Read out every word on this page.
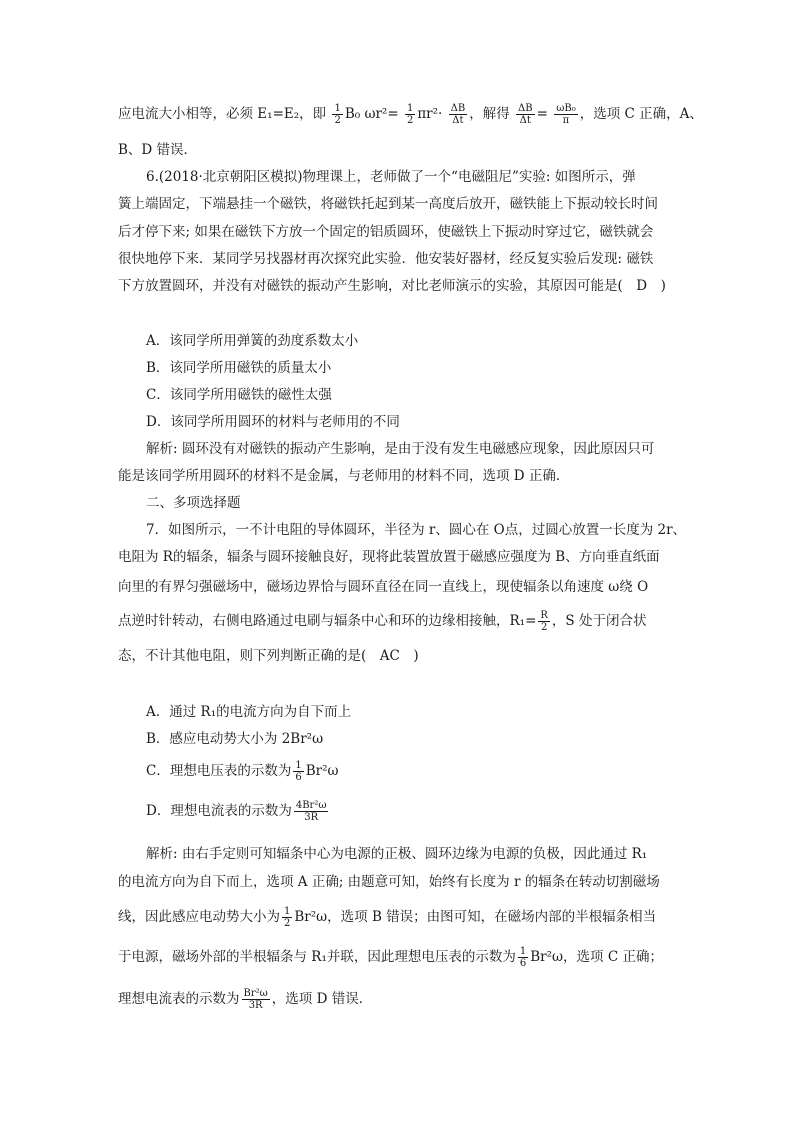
应电流大小相等，必须 E₁=E₂，即 $\frac{1}{2} B_0$ $\omega r^2= \frac{1}{2} \pi r^2\cdot \frac{\Delta B}{\Delta t}$ ，解得 $\frac{\Delta B}{\Delta t} = \frac{\text{ωB₀}}{\pi}$ ，选项 C 正确，A、
B、D 错误．
6.(2018·北京朝阳区模拟)物理课上，老师做了一个“电磁阻尼”实验: 如图所示，弹
簧上端固定，下端悬挂一个磁铁，将磁铁托起到某一高度后放开，磁铁能上下振动较长时间
后才停下来; 如果在磁铁下方放一个固定的铝质圆环，使磁铁上下振动时穿过它，磁铁就会
很快地停下来．某同学另找器材再次探究此实验．他安装好器材，经反复实验后发现: 磁铁
下方放置圆环，并没有对磁铁的振动产生影响，对比老师演示的实验，其原因可能是(　D　)
A．该同学所用弹簧的劲度系数太小
B．该同学所用磁铁的质量太小
C．该同学所用磁铁的磁性太强
D．该同学所用圆环的材料与老师用的不同
解析: 圆环没有对磁铁的振动产生影响，是由于没有发生电磁感应现象，因此原因只可
能是该同学所用圆环的材料不是金属，与老师用的材料不同，选项 D 正确．
二、多项选择题
7．如图所示，一不计电阻的导体圆环，半径为 r、圆心在 O点，过圆心放置一长度为 2r、
电阻为 R的辐条，辐条与圆环接触良好，现将此装置放置于磁感应强度为 B、方向垂直纸面
向里的有界匀强磁场中，磁场边界恰与圆环直径在同一直线上，现使辐条以角速度 ω绕 O
点逆时针转动，右侧电路通过电刷与辐条中心和环的边缘相接触，$R_1= \frac{R}{2}$ ，S 处于闭合状
态，不计其他电阻，则下列判断正确的是(　AC　)
A．通过 R₁的电流方向为自下而上
B．感应电动势大小为 2Br²ω
C．理想电压表的示数为 $\frac{1}{6} Br^2\omega$
D．理想电流表的示数为 $\frac{\text{4Br²ω}}{3R}$
解析: 由右手定则可知辐条中心为电源的正极、圆环边缘为电源的负极，因此通过 R₁
的电流方向为自下而上，选项 A 正确; 由题意可知，始终有长度为 r 的辐条在转动切割磁场
线，因此感应电动势大小为 $\frac{1}{2} Br^2\omega$，选项 B 错误；由图可知，在磁场内部的半根辐条相当
于电源，磁场外部的半根辐条与 R₁并联，因此理想电压表的示数为 $\frac{1}{6} Br^2\omega$，选项 C 正确；
理想电流表的示数为 $\frac{\text{Br²ω}}{3R}$ ，选项 D 错误．
